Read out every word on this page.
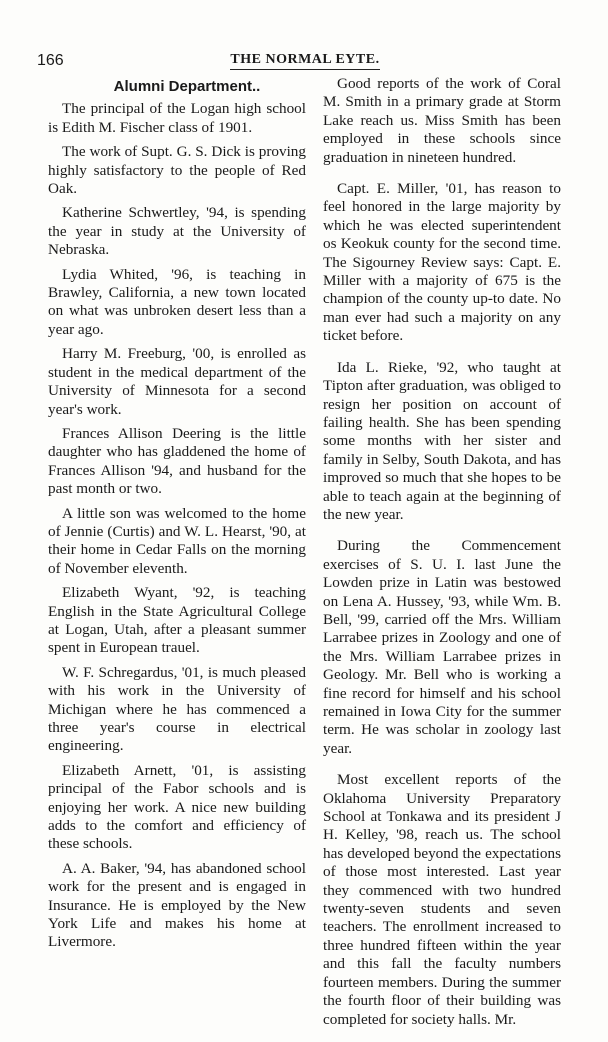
166	THE NORMAL EYTE.
Alumni Department..

The principal of the Logan high school is Edith M. Fischer class of 1901.

The work of Supt. G. S. Dick is proving highly satisfactory to the people of Red Oak.

Katherine Schwertley, '94, is spending the year in study at the University of Nebraska.

Lydia Whited, '96, is teaching in Brawley, California, a new town located on what was unbroken desert less than a year ago.

Harry M. Freeburg, '00, is enrolled as student in the medical department of the University of Minnesota for a second year's work.

Frances Allison Deering is the little daughter who has gladdened the home of Frances Allison '94, and husband for the past month or two.

A little son was welcomed to the home of Jennie (Curtis) and W. L. Hearst, '90, at their home in Cedar Falls on the morning of November eleventh.

Elizabeth Wyant, '92, is teaching English in the State Agricultural College at Logan, Utah, after a pleasant summer spent in European trauel.

W. F. Schregardus, '01, is much pleased with his work in the University of Michigan where he has commenced a three year's course in electrical engineering.

Elizabeth Arnett, '01, is assisting principal of the Fabor schools and is enjoying her work. A nice new building adds to the comfort and efficiency of these schools.

A. A. Baker, '94, has abandoned school work for the present and is engaged in Insurance. He is employed by the New York Life and makes his home at Livermore.

Good reports of the work of Coral M. Smith in a primary grade at Storm Lake reach us. Miss Smith has been employed in these schools since graduation in nineteen hundred.

Capt. E. Miller, '01, has reason to feel honored in the large majority by which he was elected superintendent os Keokuk county for the second time. The Sigourney Review says: Capt. E. Miller with a majority of 675 is the champion of the county up-to date. No man ever had such a majority on any ticket before.

Ida L. Rieke, '92, who taught at Tipton after graduation, was obliged to resign her position on account of failing health. She has been spending some months with her sister and family in Selby, South Dakota, and has improved so much that she hopes to be able to teach again at the beginning of the new year.

During the Commencement exercises of S. U. I. last June the Lowden prize in Latin was bestowed on Lena A. Hussey, '93, while Wm. B. Bell, '99, carried off the Mrs. William Larrabee prizes in Zoology and one of the Mrs. William Larrabee prizes in Geology. Mr. Bell who is working a fine record for himself and his school remained in Iowa City for the summer term. He was scholar in zoology last year.

Most excellent reports of the Oklahoma University Preparatory School at Tonkawa and its president J H. Kelley, '98, reach us. The school has developed beyond the expectations of those most interested. Last year they commenced with two hundred twenty-seven students and seven teachers. The enrollment increased to three hundred fifteen within the year and this fall the faculty numbers fourteen members. During the summer the fourth floor of their building was completed for society halls. Mr.
